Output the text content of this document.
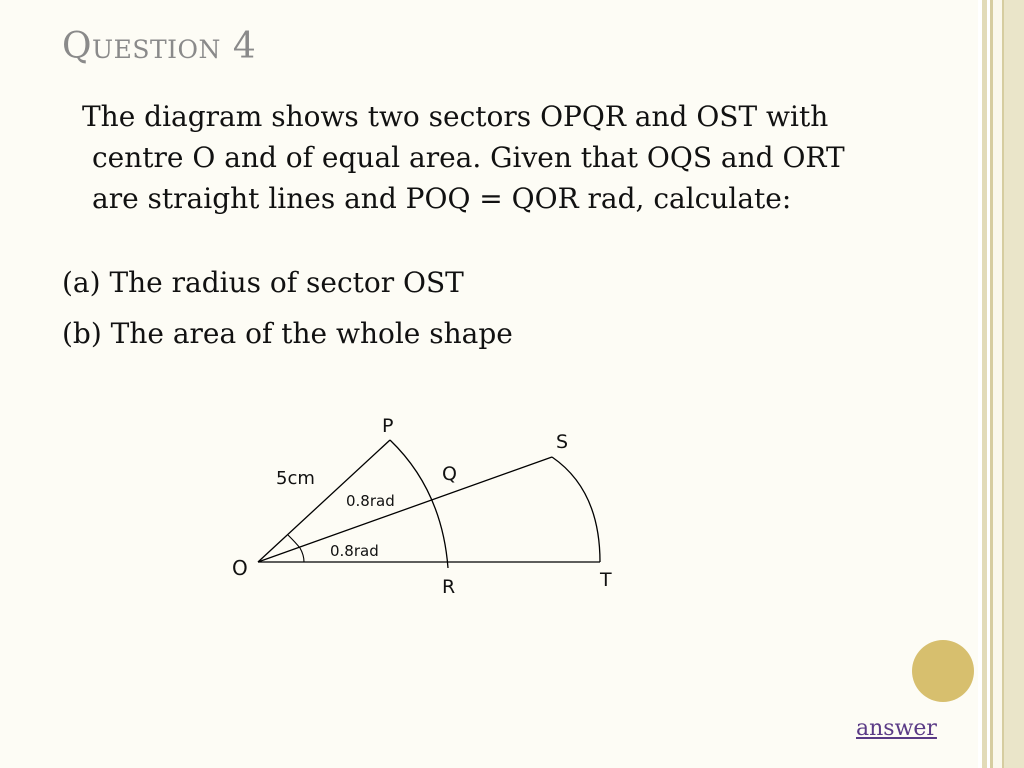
Question 4
The diagram shows two sectors OPQR and OST with centre O and of equal area. Given that OQS and ORT are straight lines and POQ = QOR rad, calculate:
(a) The radius of sector OST
(b) The area of the whole shape
P
Q
S
O
R	T
5cm
0.8rad
0.8rad
answer
